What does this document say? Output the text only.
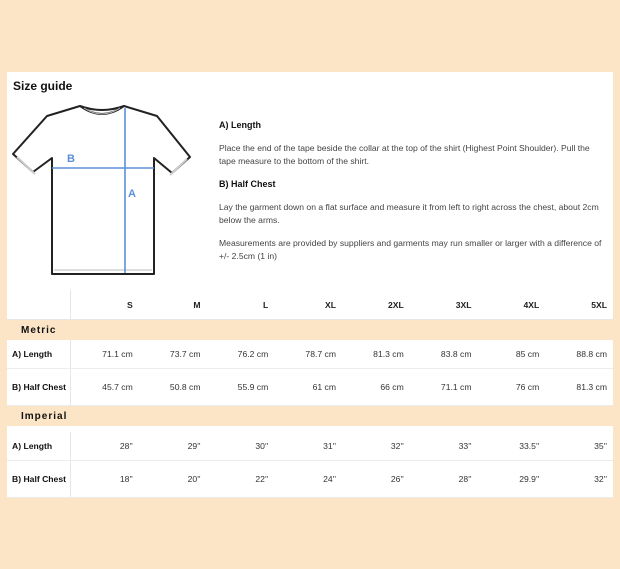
Size guide
B
A
A) Length

Place the end of the tape beside the collar at the top of the shirt (Highest Point Shoulder). Pull the tape measure to the bottom of the shirt.

B) Half Chest

Lay the garment down on a flat surface and measure it from left to right across the chest, about 2cm below the arms.

Measurements are provided by suppliers and garments may run smaller or larger with a difference of +/- 2.5cm (1 in)

S	M	L	XL	2XL	3XL	4XL	5XL
Metric
A) Length	71.1 cm	73.7 cm	76.2 cm	78.7 cm	81.3 cm	83.8 cm	85 cm	88.8 cm
B) Half Chest	45.7 cm	50.8 cm	55.9 cm	61 cm	66 cm	71.1 cm	76 cm	81.3 cm
Imperial
A) Length	28''	29''	30''	31''	32''	33''	33.5''	35''
B) Half Chest	18''	20''	22''	24''	26''	28''	29.9''	32''
